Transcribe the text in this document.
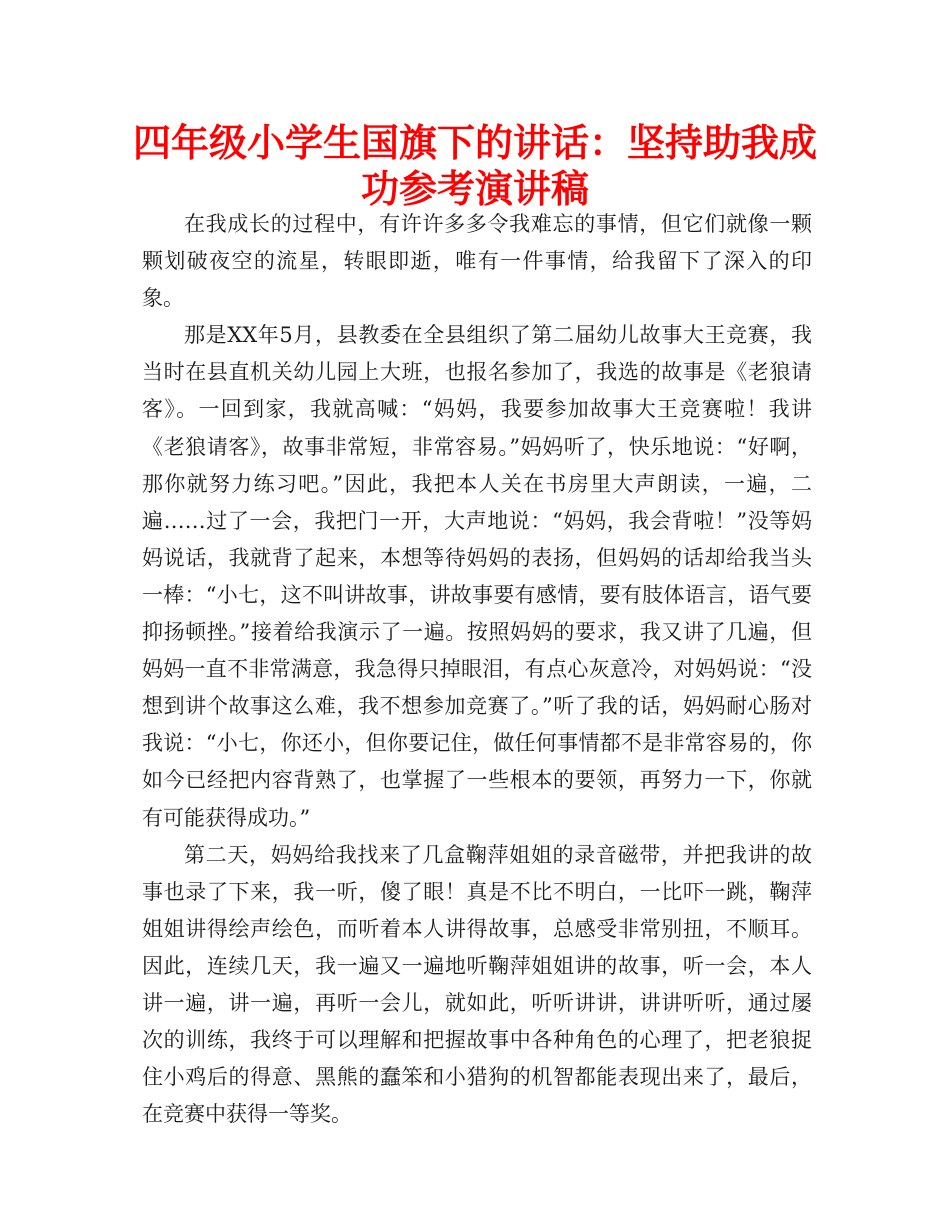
四年级小学生国旗下的讲话：坚持助我成功参考演讲稿

在我成长的过程中，有许许多多令我难忘的事情，但它们就像一颗颗划破夜空的流星，转眼即逝，唯有一件事情，给我留下了深入的印象。

那是XX年5月，县教委在全县组织了第二届幼儿故事大王竞赛，我当时在县直机关幼儿园上大班，也报名参加了，我选的故事是《老狼请客》。一回到家，我就高喊：“妈妈，我要参加故事大王竞赛啦！我讲《老狼请客》，故事非常短，非常容易。”妈妈听了，快乐地说：“好啊，那你就努力练习吧。”因此，我把本人关在书房里大声朗读，一遍，二遍……过了一会，我把门一开，大声地说：“妈妈，我会背啦！”没等妈妈说话，我就背了起来，本想等待妈妈的表扬，但妈妈的话却给我当头一棒：“小七，这不叫讲故事，讲故事要有感情，要有肢体语言，语气要抑扬顿挫。”接着给我演示了一遍。按照妈妈的要求，我又讲了几遍，但妈妈一直不非常满意，我急得只掉眼泪，有点心灰意冷，对妈妈说：“没想到讲个故事这么难，我不想参加竞赛了。”听了我的话，妈妈耐心肠对我说：“小七，你还小，但你要记住，做任何事情都不是非常容易的，你如今已经把内容背熟了，也掌握了一些根本的要领，再努力一下，你就有可能获得成功。”

第二天，妈妈给我找来了几盒鞠萍姐姐的录音磁带，并把我讲的故事也录了下来，我一听，傻了眼！真是不比不明白，一比吓一跳，鞠萍姐姐讲得绘声绘色，而听着本人讲得故事，总感受非常别扭，不顺耳。因此，连续几天，我一遍又一遍地听鞠萍姐姐讲的故事，听一会，本人讲一遍，讲一遍，再听一会儿，就如此，听听讲讲，讲讲听听，通过屡次的训练，我终于可以理解和把握故事中各种角色的心理了，把老狼捉住小鸡后的得意、黑熊的蠢笨和小猎狗的机智都能表现出来了，最后，在竞赛中获得一等奖。
